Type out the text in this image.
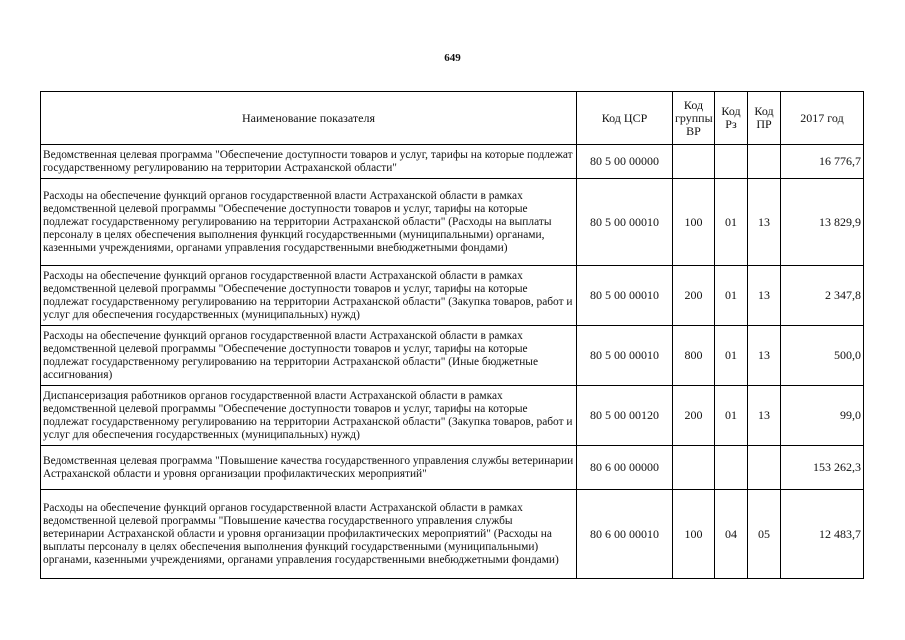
649
Наименование показателя	Код ЦСР	Код группы ВР	Код Рз	Код ПР	2017 год
Ведомственная целевая программа "Обеспечение доступности товаров и услуг, тарифы на которые подлежат государственному регулированию на территории Астраханской области"	80 5 00 00000				16 776,7
Расходы на обеспечение функций органов государственной власти Астраханской области в рамках ведомственной целевой программы "Обеспечение доступности товаров и услуг, тарифы на которые подлежат государственному регулированию на территории Астраханской области" (Расходы на выплаты персоналу в целях обеспечения выполнения функций государственными (муниципальными) органами, казенными учреждениями, органами управления государственными внебюджетными фондами)	80 5 00 00010	100	01	13	13 829,9
Расходы на обеспечение функций органов государственной власти Астраханской области в рамках ведомственной целевой программы "Обеспечение доступности товаров и услуг, тарифы на которые подлежат государственному регулированию на территории Астраханской области" (Закупка товаров, работ и услуг для обеспечения государственных (муниципальных) нужд)	80 5 00 00010	200	01	13	2 347,8
Расходы на обеспечение функций органов государственной власти Астраханской области в рамках ведомственной целевой программы "Обеспечение доступности товаров и услуг, тарифы на которые подлежат государственному регулированию на территории Астраханской области" (Иные бюджетные ассигнования)	80 5 00 00010	800	01	13	500,0
Диспансеризация работников органов государственной власти Астраханской области в рамках ведомственной целевой программы "Обеспечение доступности товаров и услуг, тарифы на которые подлежат государственному регулированию на территории Астраханской области" (Закупка товаров, работ и услуг для обеспечения государственных (муниципальных) нужд)	80 5 00 00120	200	01	13	99,0
Ведомственная целевая программа "Повышение качества государственного управления службы ветеринарии Астраханской области и уровня организации профилактических мероприятий"	80 6 00 00000				153 262,3
Расходы на обеспечение функций органов государственной власти Астраханской области в рамках ведомственной целевой программы "Повышение качества государственного управления службы ветеринарии Астраханской области и уровня организации профилактических мероприятий" (Расходы на выплаты персоналу в целях обеспечения выполнения функций государственными (муниципальными) органами, казенными учреждениями, органами управления государственными внебюджетными фондами)	80 6 00 00010	100	04	05	12 483,7
